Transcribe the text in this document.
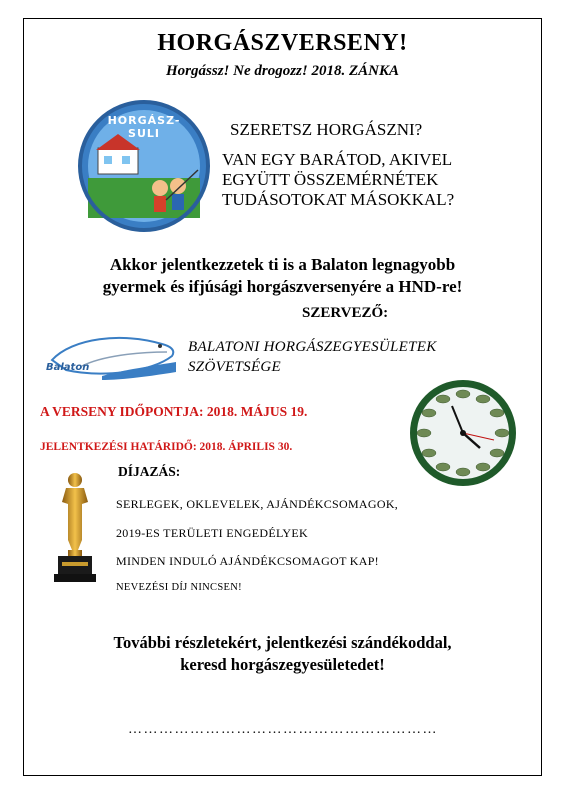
HORGÁSZVERSENY!
Horgássz! Ne drogozz! 2018. ZÁNKA
HORGÁSZ-SULI	SZERETSZ HORGÁSZNI?
VAN EGY BARÁTOD, AKIVEL
EGYÜTT ÖSSZEMÉRNÉTEK
TUDÁSOTOKAT MÁSOKKAL?
Akkor jelentkezzetek ti is a Balaton legnagyobb
gyermek és ifjúsági horgászversenyére a HND-re!
SZERVEZŐ:
Balaton
BALATONI HORGÁSZEGYESÜLETEK
SZÖVETSÉGE
A VERSENY IDŐPONTJA: 2018. MÁJUS 19.
JELENTKEZÉSI HATÁRIDŐ: 2018. ÁPRILIS 30.
DÍJAZÁS:
SERLEGEK, OKLEVELEK, AJÁNDÉKCSOMAGOK,
2019-ES TERÜLETI ENGEDÉLYEK
MINDEN INDULÓ AJÁNDÉKCSOMAGOT KAP!
NEVEZÉSI DÍJ NINCSEN!
További részletekért, jelentkezési szándékoddal,
keresd horgászegyesületedet!
……………………………………………………
